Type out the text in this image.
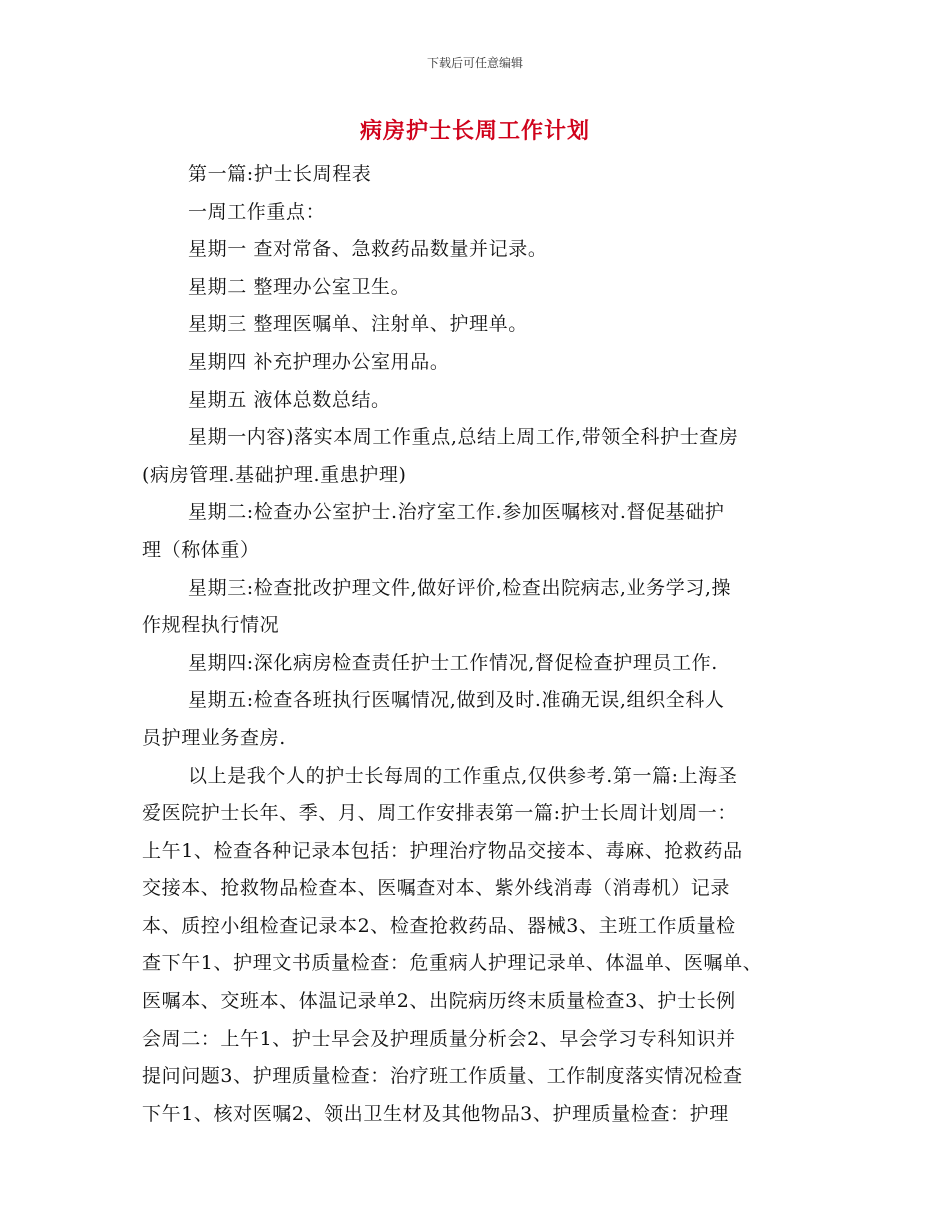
下载后可任意编辑
病房护士长周工作计划
第一篇:护士长周程表
一周工作重点：
星期一 查对常备、急救药品数量并记录。
星期二 整理办公室卫生。
星期三 整理医嘱单、注射单、护理单。
星期四 补充护理办公室用品。
星期五 液体总数总结。
星期一内容)落实本周工作重点,总结上周工作,带领全科护士查房
(病房管理.基础护理.重患护理)
星期二:检查办公室护士.治疗室工作.参加医嘱核对.督促基础护
理（称体重）
星期三:检查批改护理文件,做好评价,检查出院病志,业务学习,操
作规程执行情况
星期四:深化病房检查责任护士工作情况,督促检查护理员工作.
星期五:检查各班执行医嘱情况,做到及时.准确无误,组织全科人
员护理业务查房.
以上是我个人的护士长每周的工作重点,仅供参考.第一篇:上海圣
爱医院护士长年、季、月、周工作安排表第一篇:护士长周计划周一：
上午1、检查各种记录本包括：护理治疗物品交接本、毒麻、抢救药品
交接本、抢救物品检查本、医嘱查对本、紫外线消毒（消毒机）记录
本、质控小组检查记录本2、检查抢救药品、器械3、主班工作质量检
查下午1、护理文书质量检查：危重病人护理记录单、体温单、医嘱单、
医嘱本、交班本、体温记录单2、出院病历终末质量检查3、护士长例
会周二：上午1、护士早会及护理质量分析会2、早会学习专科知识并
提问问题3、护理质量检查：治疗班工作质量、工作制度落实情况检查
下午1、核对医嘱2、领出卫生材及其他物品3、护理质量检查：护理
